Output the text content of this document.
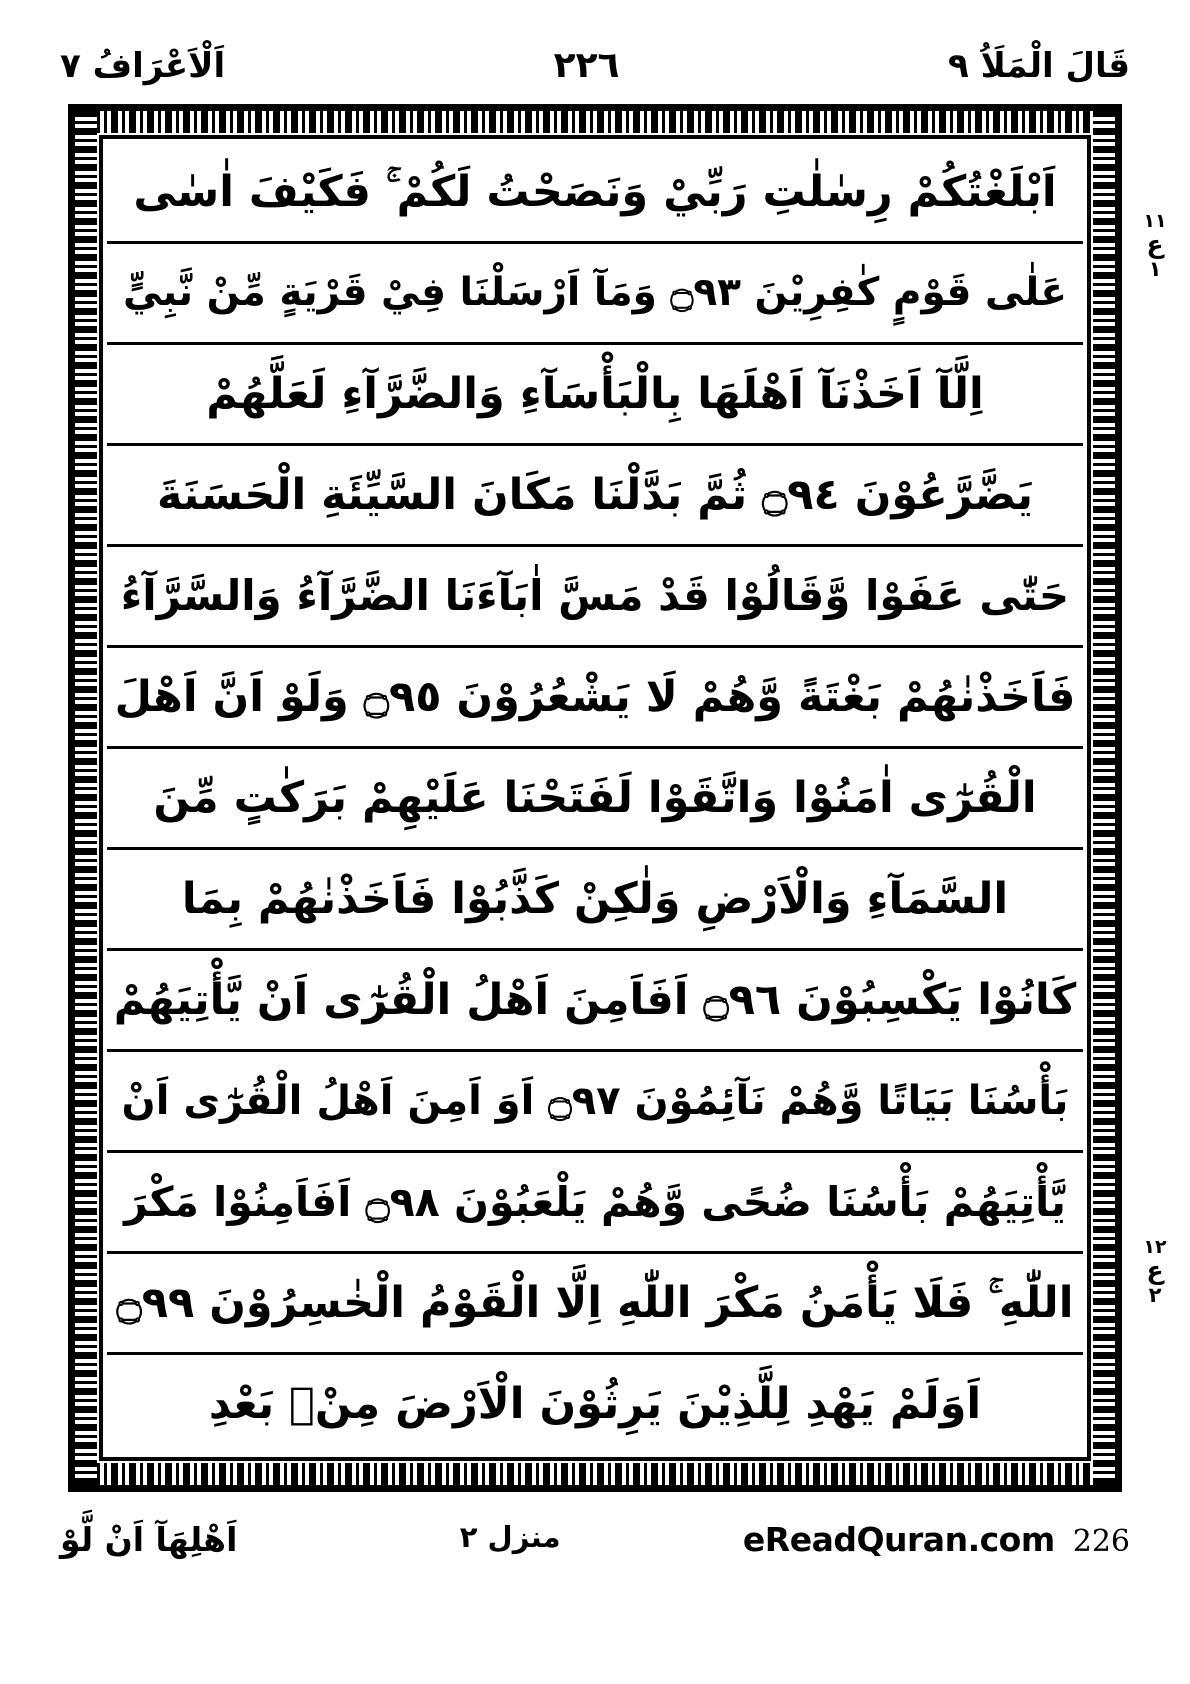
قَالَ الْمَلَاُ ٩
٢٢٦
اَلْاَعْرَافُ ٧
اَبْلَغْتُكُمْ رِسٰلٰتِ رَبِّيْ وَنَصَحْتُ لَكُمْ ۚ فَكَيْفَ اٰسٰى
عَلٰى قَوْمٍ كٰفِرِيْنَ ۝٩٣ وَمَآ اَرْسَلْنَا فِيْ قَرْيَةٍ مِّنْ نَّبِيٍّ
اِلَّآ اَخَذْنَآ اَهْلَهَا بِالْبَأْسَآءِ وَالضَّرَّآءِ لَعَلَّهُمْ
يَضَّرَّعُوْنَ ۝٩٤ ثُمَّ بَدَّلْنَا مَكَانَ السَّيِّئَةِ الْحَسَنَةَ
حَتّٰى عَفَوْا وَّقَالُوْا قَدْ مَسَّ اٰبَآءَنَا الضَّرَّآءُ وَالسَّرَّآءُ
فَاَخَذْنٰهُمْ بَغْتَةً وَّهُمْ لَا يَشْعُرُوْنَ ۝٩٥ وَلَوْ اَنَّ اَهْلَ
الْقُرٰٓى اٰمَنُوْا وَاتَّقَوْا لَفَتَحْنَا عَلَيْهِمْ بَرَكٰتٍ مِّنَ
السَّمَآءِ وَالْاَرْضِ وَلٰكِنْ كَذَّبُوْا فَاَخَذْنٰهُمْ بِمَا
كَانُوْا يَكْسِبُوْنَ ۝٩٦ اَفَاَمِنَ اَهْلُ الْقُرٰٓى اَنْ يَّأْتِيَهُمْ
بَأْسُنَا بَيَاتًا وَّهُمْ نَآئِمُوْنَ ۝٩٧ اَوَ اَمِنَ اَهْلُ الْقُرٰٓى اَنْ
يَّأْتِيَهُمْ بَأْسُنَا ضُحًى وَّهُمْ يَلْعَبُوْنَ ۝٩٨ اَفَاَمِنُوْا مَكْرَ
اللّٰهِ ۚ فَلَا يَأْمَنُ مَكْرَ اللّٰهِ اِلَّا الْقَوْمُ الْخٰسِرُوْنَ ۝٩٩
اَوَلَمْ يَهْدِ لِلَّذِيْنَ يَرِثُوْنَ الْاَرْضَ مِنْۢ بَعْدِ
١١
ع
١
١٢
ع
٢
اَهْلِهَآ اَنْ لَّوْ	منزل ٢	eReadQuran.com 226
